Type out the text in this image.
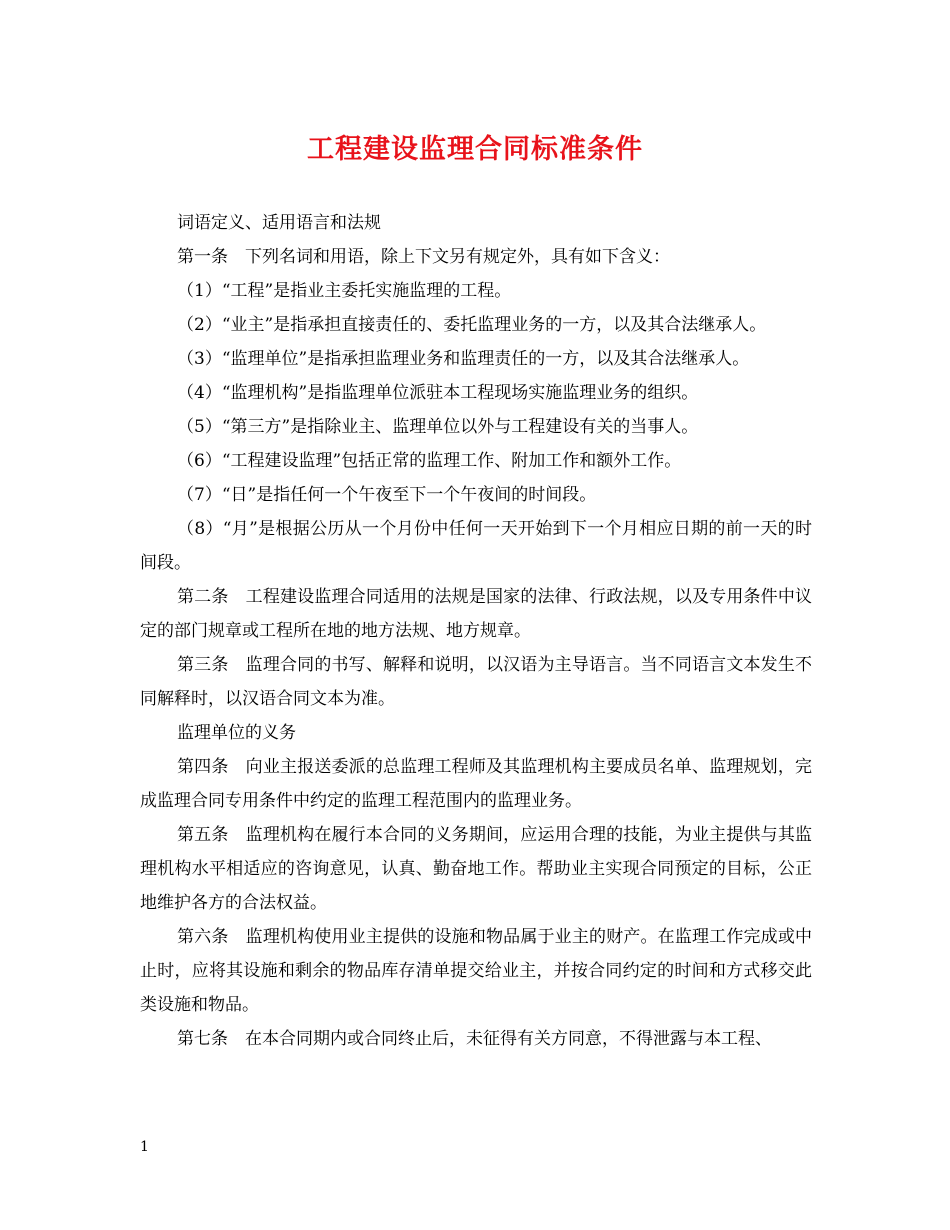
工程建设监理合同标准条件

词语定义、适用语言和法规

第一条　下列名词和用语，除上下文另有规定外，具有如下含义：

（1）“工程”是指业主委托实施监理的工程。

（2）“业主”是指承担直接责任的、委托监理业务的一方，以及其合法继承人。

（3）“监理单位”是指承担监理业务和监理责任的一方，以及其合法继承人。

（4）“监理机构”是指监理单位派驻本工程现场实施监理业务的组织。

（5）“第三方”是指除业主、监理单位以外与工程建设有关的当事人。

（6）“工程建设监理”包括正常的监理工作、附加工作和额外工作。

（7）“日”是指任何一个午夜至下一个午夜间的时间段。

（8）“月”是根据公历从一个月份中任何一天开始到下一个月相应日期的前一天的时间段。

第二条　工程建设监理合同适用的法规是国家的法律、行政法规，以及专用条件中议定的部门规章或工程所在地的地方法规、地方规章。

第三条　监理合同的书写、解释和说明，以汉语为主导语言。当不同语言文本发生不同解释时，以汉语合同文本为准。

监理单位的义务

第四条　向业主报送委派的总监理工程师及其监理机构主要成员名单、监理规划，完成监理合同专用条件中约定的监理工程范围内的监理业务。

第五条　监理机构在履行本合同的义务期间，应运用合理的技能，为业主提供与其监理机构水平相适应的咨询意见，认真、勤奋地工作。帮助业主实现合同预定的目标，公正地维护各方的合法权益。

第六条　监理机构使用业主提供的设施和物品属于业主的财产。在监理工作完成或中止时，应将其设施和剩余的物品库存清单提交给业主，并按合同约定的时间和方式移交此类设施和物品。

第七条　在本合同期内或合同终止后，未征得有关方同意，不得泄露与本工程、

1
